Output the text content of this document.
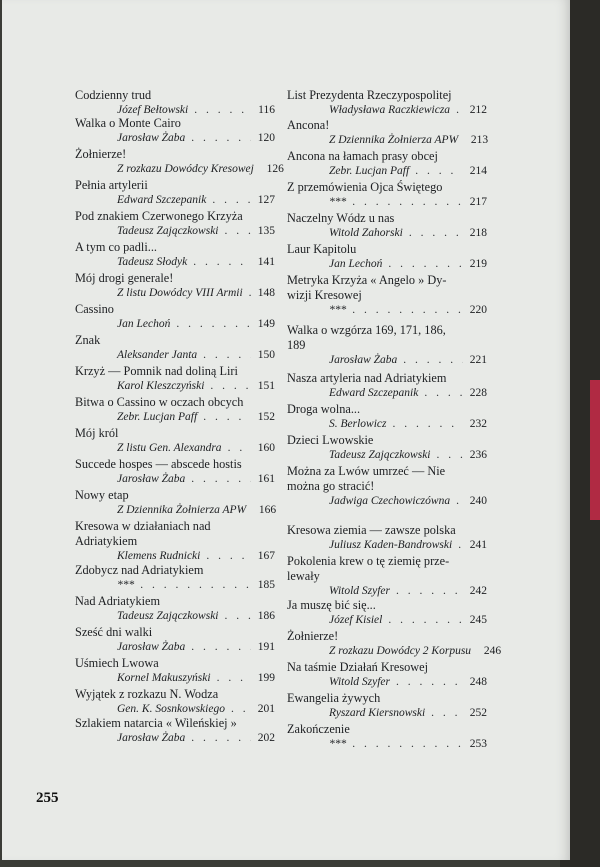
Codzienny trud
Józef Bełtowski . . .	116
Walka o Monte Cairo
Jarosław Żaba . . .	120
Żołnierze!
Z rozkazu Dowódcy Kresowej . . .	126
Pełnia artylerii
Edward Szczepanik . . .	127
Pod znakiem Czerwonego Krzyża
Tadeusz Zajączkowski . . .	135
A tym co padli...
Tadeusz Słodyk . . .	141
Mój drogi generale!
Z listu Dowódcy VIII Armii . . .	148
Cassino
Jan Lechoń . . .	149
Znak
Aleksander Janta . . .	150
Krzyż — Pomnik nad doliną Liri
Karol Kleszczyński . . .	151
Bitwa o Cassino w oczach obcych
Zebr. Lucjan Paff . . .	152
Mój król
Z listu Gen. Alexandra . . .	160
Succede hospes — abscede hostis
Jarosław Żaba . . .	161
Nowy etap
Z Dziennika Żołnierza APW . . .	166
Kresowa w działaniach nad
Adriatykiem
Klemens Rudnicki . . .	167
Zdobycz nad Adriatykiem
*** . . .	185
Nad Adriatykiem
Tadeusz Zajączkowski . . .	186
Sześć dni walki
Jarosław Żaba . . .	191
Uśmiech Lwowa
Kornel Makuszyński . . .	199
Wyjątek z rozkazu N. Wodza
Gen. K. Sosnkowskiego . . .	201
Szlakiem natarcia « Wileńskiej »
Jarosław Żaba . . .	202
List Prezydenta Rzeczypospolitej
Władysława Raczkiewicza . . .	212
Ancona!
Z Dziennika Żołnierza APW . . .	213
Ancona na łamach prasy obcej
Zebr. Lucjan Paff . . .	214
Z przemówienia Ojca Świętego
*** . . .	217
Naczelny Wódz u nas
Witold Zahorski . . .	218
Laur Kapitolu
Jan Lechoń . . .	219
Metryka Krzyża « Angelo » Dy-
wizji Kresowej
*** . . .	220
Walka o wzgórza 169, 171, 186,
189
Jarosław Żaba . . .	221
Nasza artyleria nad Adriatykiem
Edward Szczepanik . . .	228
Droga wolna...
S. Berlowicz . . .	232
Dzieci Lwowskie
Tadeusz Zajączkowski . . .	236
Można za Lwów umrzeć — Nie
można go stracić!
Jadwiga Czechowiczówna . . .	240
Kresowa ziemia — zawsze polska
Juliusz Kaden-Bandrowski . . .	241
Pokolenia krew o tę ziemię prze-
lewały
Witold Szyfer . . .	242
Ja muszę bić się...
Józef Kisiel . . .	245
Żołnierze!
Z rozkazu Dowódcy 2 Korpusu . . .	246
Na taśmie Działań Kresowej
Witold Szyfer . . .	248
Ewangelia żywych
Ryszard Kiersnowski . . .	252
Zakończenie
*** . . .	253
255
